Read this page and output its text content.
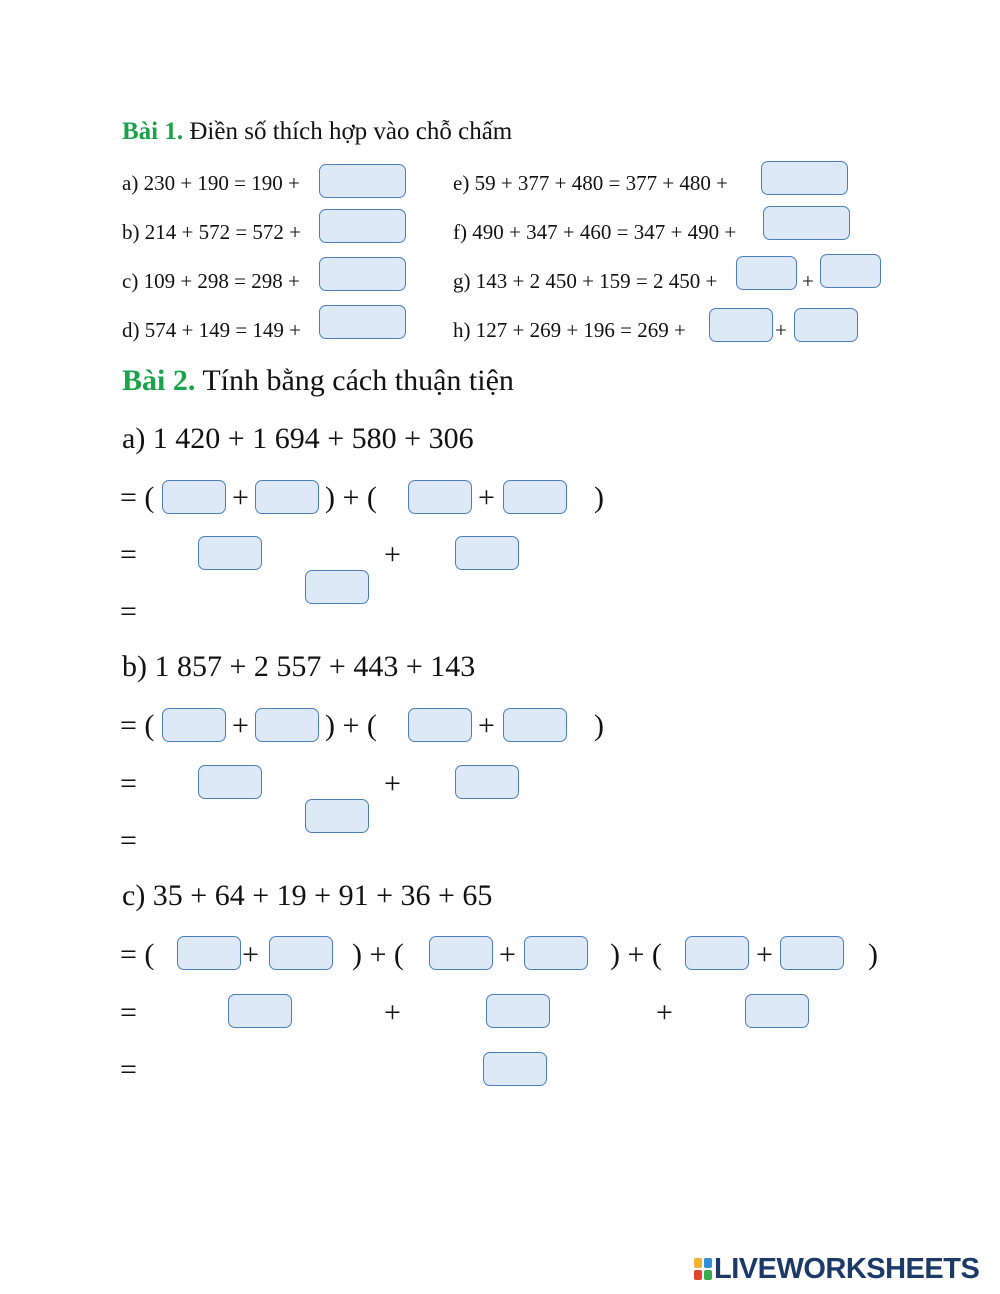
Bài 1. Điền số thích hợp vào chỗ chấm
a) 230 + 190 = 190 +
b) 214 + 572 = 572 +
c) 109 + 298 = 298 +
d) 574 + 149 = 149 +
e) 59 + 377 + 480 = 377 + 480 +
f) 490 + 347 + 460 = 347 + 490 +
g) 143 + 2 450 + 159 = 2 450 +	+
h) 127 + 269 + 196 = 269 +	+
Bài 2. Tính bằng cách thuận tiện
a) 1 420 + 1 694 + 580 + 306
= (	+	) + (	+	)
=	+
=
b) 1 857 + 2 557 + 443 + 143
= (	+	) + (	+	)
=	+
=
c) 35 + 64 + 19 + 91 + 36 + 65
= (	+	) + (	+	) + (	+	)
=	+	+
=
LIVEWORKSHEETS
